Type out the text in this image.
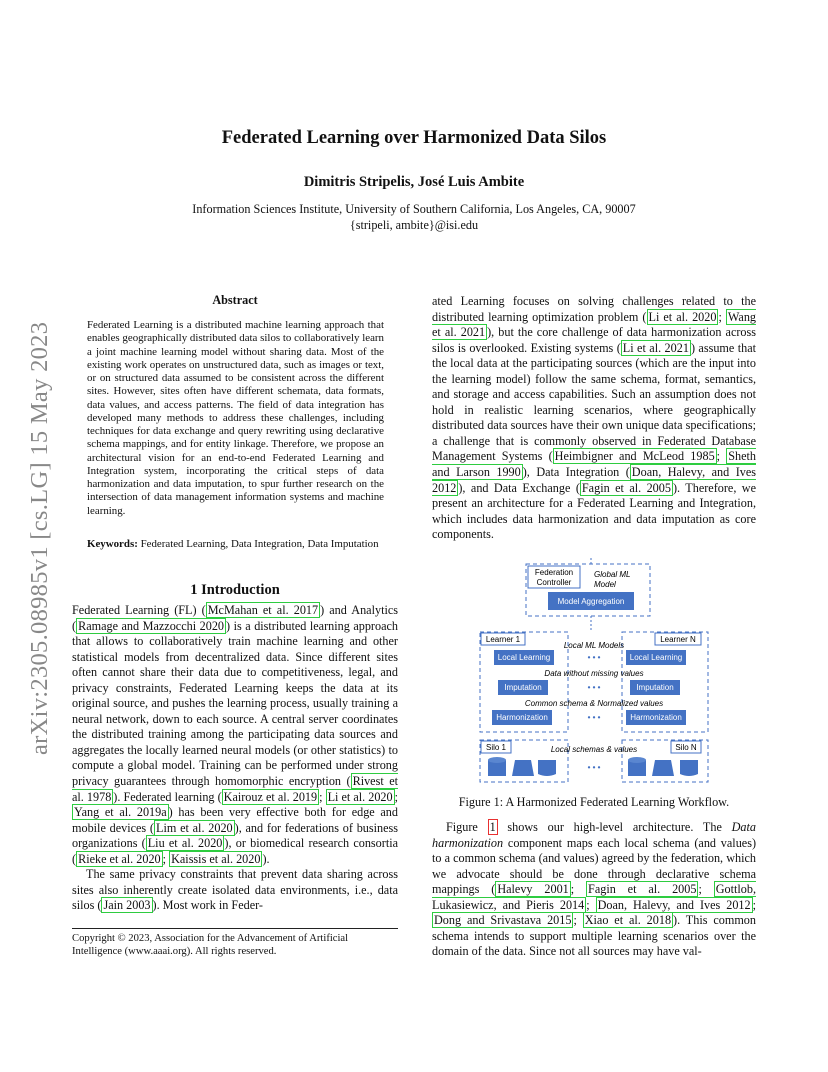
Federated Learning over Harmonized Data Silos
Dimitris Stripelis, José Luis Ambite
Information Sciences Institute, University of Southern California, Los Angeles, CA, 90007
{stripeli, ambite}@isi.edu
arXiv:2305.08985v1 [cs.LG] 15 May 2023
Abstract
Federated Learning is a distributed machine learning approach that enables geographically distributed data silos to collaboratively learn a joint machine learning model without sharing data. Most of the existing work operates on unstructured data, such as images or text, or on structured data assumed to be consistent across the different sites. However, sites often have different schemata, data formats, data values, and access patterns. The field of data integration has developed many methods to address these challenges, including techniques for data exchange and query rewriting using declarative schema mappings, and for entity linkage. Therefore, we propose an architectural vision for an end-to-end Federated Learning and Integration system, incorporating the critical steps of data harmonization and data imputation, to spur further research on the intersection of data management information systems and machine learning.
Keywords: Federated Learning, Data Integration, Data Imputation
1 Introduction

Federated Learning (FL) ( McMahan et al. 2017 ) and Analytics ( Ramage and Mazzocchi 2020 ) is a distributed learning approach that allows to collaboratively train machine learning and other statistical models from decentralized data. Since different sites often cannot share their data due to competitiveness, legal, and privacy constraints, Federated Learning keeps the data at its original source, and pushes the learning process, usually training a neural network, down to each source. A central server coordinates the distributed training among the participating data sources and aggregates the locally learned neural models (or other statistics) to compute a global model. Training can be performed under strong privacy guarantees through homomorphic encryption ( Rivest et al. 1978 ). Federated learning ( Kairouz et al. 2019 ; Li et al. 2020 ; Yang et al. 2019a ) has been very effective both for edge and mobile devices ( Lim et al. 2020 ), and for federations of business organizations ( Liu et al. 2020 ), or biomedical research consortia ( Rieke et al. 2020 ; Kaissis et al. 2020 ).

The same privacy constraints that prevent data sharing across sites also inherently create isolated data environments, i.e., data silos ( Jain 2003 ). Most work in Feder-

Copyright © 2023, Association for the Advancement of Artificial Intelligence (www.aaai.org). All rights reserved.

ated Learning focuses on solving challenges related to the distributed learning optimization problem ( Li et al. 2020 ; Wang et al. 2021 ), but the core challenge of data harmonization across silos is overlooked. Existing systems ( Li et al. 2021 ) assume that the local data at the participating sources (which are the input into the learning model) follow the same schema, format, semantics, and storage and access capabilities. Such an assumption does not hold in realistic learning scenarios, where geographically distributed data sources have their own unique data specifications; a challenge that is commonly observed in Federated Database Management Systems ( Heimbigner and McLeod 1985 ; Sheth and Larson 1990 ), Data Integration ( Doan, Halevy, and Ives 2012 ), and Data Exchange ( Fagin et al. 2005 ). Therefore, we present an architecture for a Federated Learning and Integration, which includes data harmonization and data imputation as core components.

Federation
Controller
Global ML
Model
Model Aggregation
Learner 1	Learner N
Local ML Models
Local Learning	Local Learning
• • •
Data without missing values
Imputation	Imputation
• • •
Common schema & Normalized values
Harmonization	Harmonization
• • •
Silo 1	Silo N
Local schemas & values
• • •
Figure 1: A Harmonized Federated Learning Workflow.

Figure 1 shows our high-level architecture. The Data harmonization component maps each local schema (and values) to a common schema (and values) agreed by the federation, which we advocate should be done through declarative schema mappings ( Halevy 2001 ; Fagin et al. 2005 ; Gottlob, Lukasiewicz, and Pieris 2014 ; Doan, Halevy, and Ives 2012 ; Dong and Srivastava 2015 ; Xiao et al. 2018 ). This common schema intends to support multiple learning scenarios over the domain of the data. Since not all sources may have val-
